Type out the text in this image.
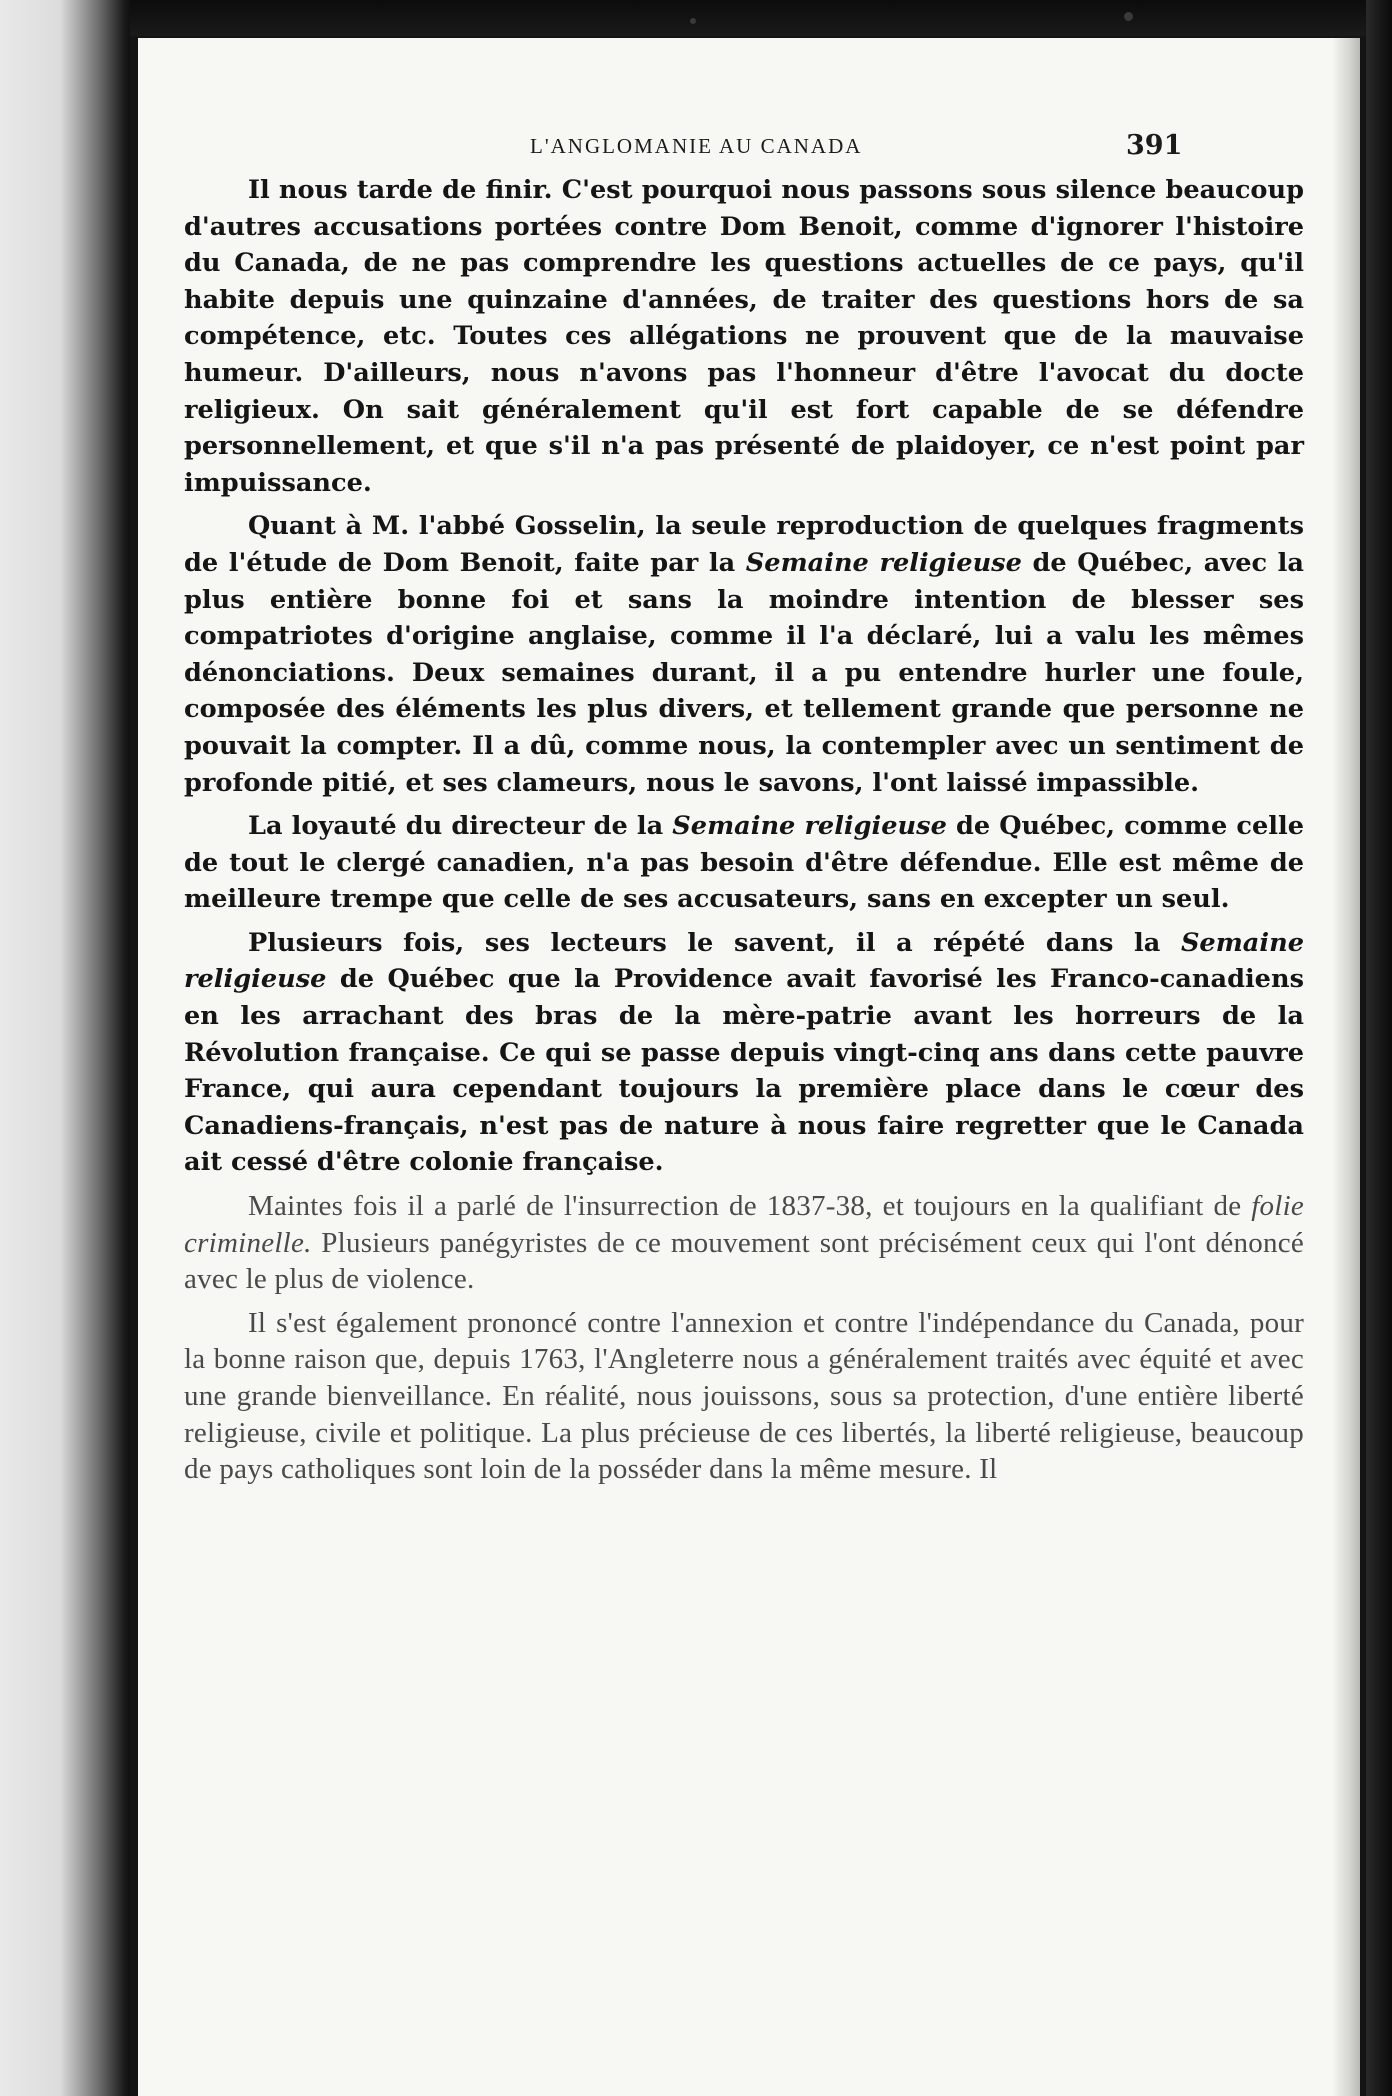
L'ANGLOMANIE AU CANADA	391

Il nous tarde de finir. C'est pourquoi nous passons sous silence beaucoup d'autres accusations portées contre Dom Benoit, comme d'ignorer l'histoire du Canada, de ne pas comprendre les questions actuelles de ce pays, qu'il habite depuis une quinzaine d'années, de traiter des questions hors de sa compétence, etc. Toutes ces allégations ne prouvent que de la mauvaise humeur. D'ailleurs, nous n'avons pas l'honneur d'être l'avocat du docte religieux. On sait généralement qu'il est fort capable de se défendre personnellement, et que s'il n'a pas présenté de plaidoyer, ce n'est point par impuissance.

Quant à M. l'abbé Gosselin, la seule reproduction de quelques fragments de l'étude de Dom Benoit, faite par la Semaine religieuse de Québec, avec la plus entière bonne foi et sans la moindre intention de blesser ses compatriotes d'origine anglaise, comme il l'a déclaré, lui a valu les mêmes dénonciations. Deux semaines durant, il a pu entendre hurler une foule, composée des éléments les plus divers, et tellement grande que personne ne pouvait la compter. Il a dû, comme nous, la contempler avec un sentiment de profonde pitié, et ses clameurs, nous le savons, l'ont laissé impassible.

La loyauté du directeur de la Semaine religieuse de Québec, comme celle de tout le clergé canadien, n'a pas besoin d'être défendue. Elle est même de meilleure trempe que celle de ses accusateurs, sans en excepter un seul.

Plusieurs fois, ses lecteurs le savent, il a répété dans la Semaine religieuse de Québec que la Providence avait favorisé les Franco-canadiens en les arrachant des bras de la mère-patrie avant les horreurs de la Révolution française. Ce qui se passe depuis vingt-cinq ans dans cette pauvre France, qui aura cependant toujours la première place dans le cœur des Canadiens-français, n'est pas de nature à nous faire regretter que le Canada ait cessé d'être colonie française.

Maintes fois il a parlé de l'insurrection de 1837-38, et toujours en la qualifiant de folie criminelle. Plusieurs panégyristes de ce mouvement sont précisément ceux qui l'ont dénoncé avec le plus de violence.

Il s'est également prononcé contre l'annexion et contre l'indépendance du Canada, pour la bonne raison que, depuis 1763, l'Angleterre nous a généralement traités avec équité et avec une grande bienveillance. En réalité, nous jouissons, sous sa protection, d'une entière liberté religieuse, civile et politique. La plus précieuse de ces libertés, la liberté religieuse, beaucoup de pays catholiques sont loin de la posséder dans la même mesure. Il
